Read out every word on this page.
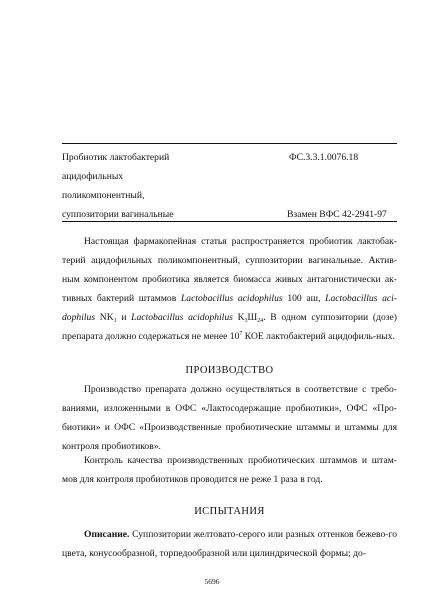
Пробиотик лактобактерий
ацидофильных
поликомпонентный,
суппозитории вагинальные
ФС.3.3.1.0076.18
Взамен ВФС 42-2941-97

Настоящая фармакопейная статья распространяется пробиотик лактобак- терий ацидофильных поликомпонентный, суппозитории вагинальные. Актив- ным компонентом пробиотика является биомасса живых антагонистически ак- тивных бактерий штаммов Lactobacillus acidophilus 100 аш, Lactobacillus aci-dophilus $NK_1$ и Lactobacillus acidophilus $K_3Ш_{24}$. В одном суппозитории (дозе) препарата должно содержаться не менее $10^7$ КОЕ лактобактерий ацидофиль-ных.

ПРОИЗВОДСТВО

Производство препарата должно осуществляться в соответствие с требо-ваниями, изложенными в ОФС «Лактосодержащие пробиотики», ОФС «Про-биотики» и ОФС «Производственные пробиотические штаммы и штаммы для контроля пробиотиков».

Контроль качества производственных пробиотических штаммов и штам-мов для контроля пробиотиков проводится не реже 1 раза в год.

ИСПЫТАНИЯ

Описание. Суппозитории желтовато-серого или разных оттенков бежево-го цвета, конусообразной, торпедообразной или цилиндрической формы; до-

5696
